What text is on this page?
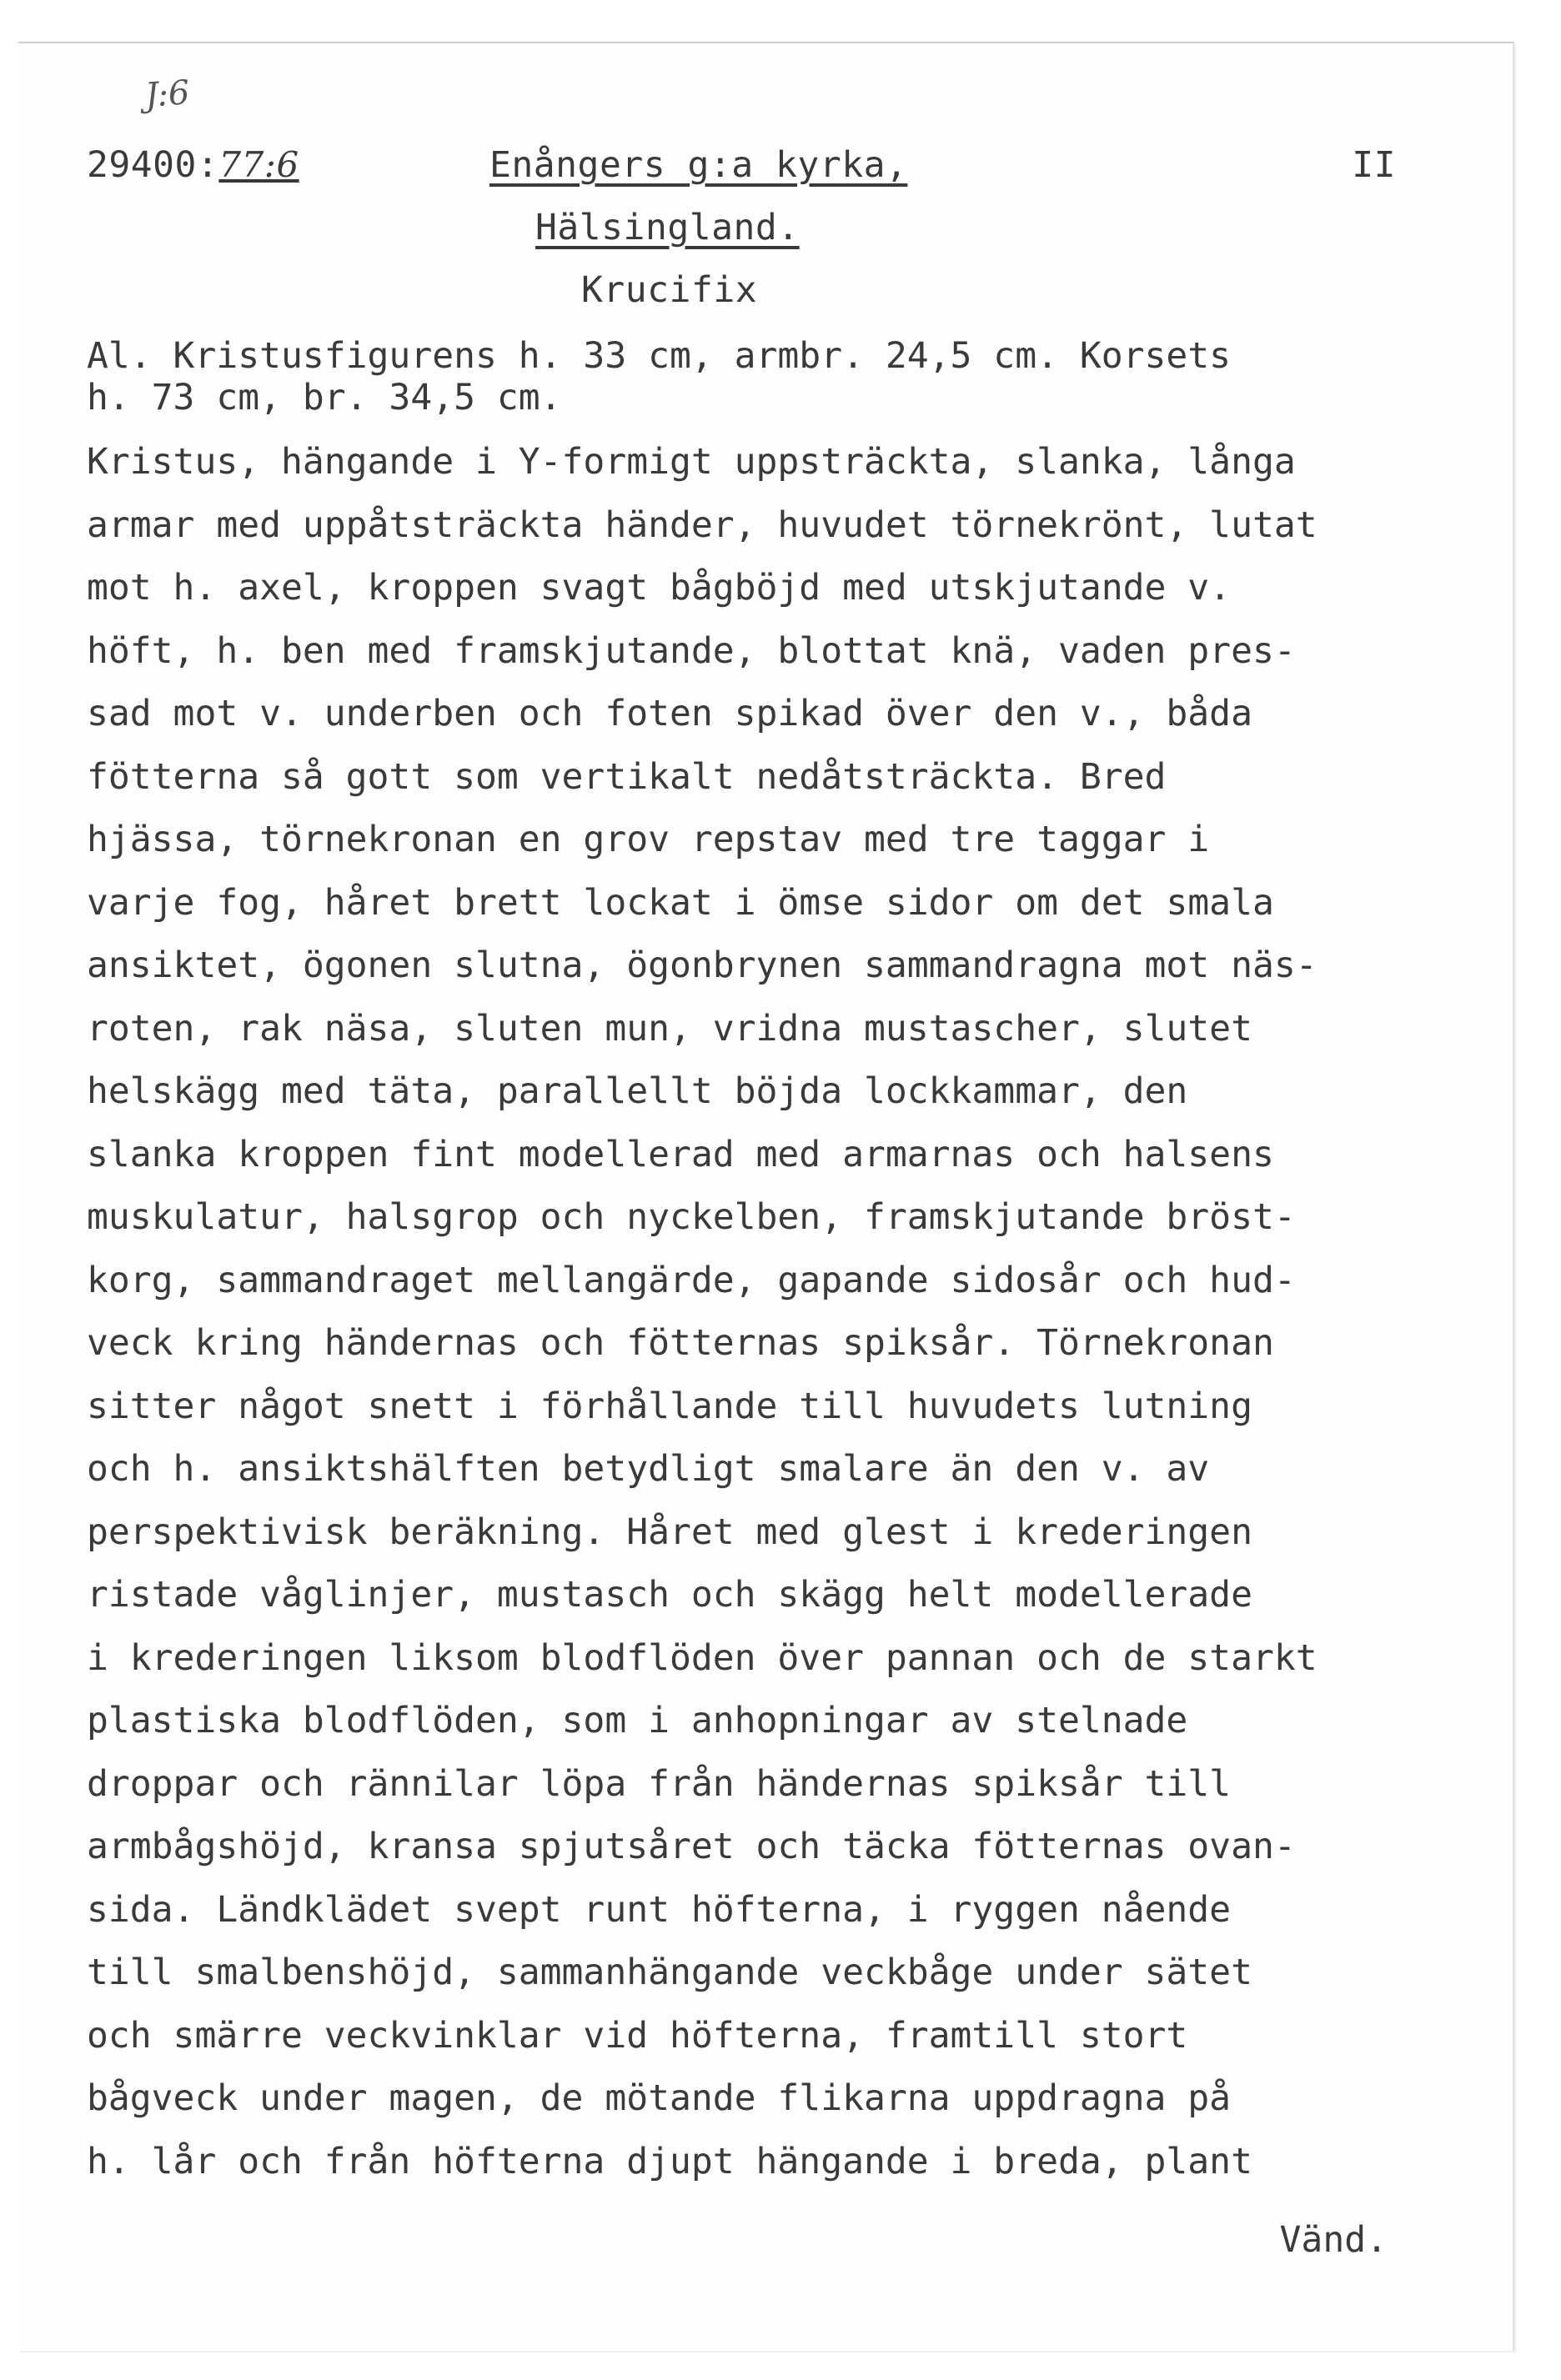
J:6
29400:77:6	Enångers g:a kyrka,	II
Hälsingland.
Krucifix
Al. Kristusfigurens h. 33 cm, armbr. 24,5 cm. Korsets
h. 73 cm, br. 34,5 cm.
Kristus, hängande i Y-formigt uppsträckta, slanka, långa
armar med uppåtsträckta händer, huvudet törnekrönt, lutat
mot h. axel, kroppen svagt bågböjd med utskjutande v.
höft, h. ben med framskjutande, blottat knä, vaden pres-
sad mot v. underben och foten spikad över den v., båda
fötterna så gott som vertikalt nedåtsträckta. Bred
hjässa, törnekronan en grov repstav med tre taggar i
varje fog, håret brett lockat i ömse sidor om det smala
ansiktet, ögonen slutna, ögonbrynen sammandragna mot näs-
roten, rak näsa, sluten mun, vridna mustascher, slutet
helskägg med täta, parallellt böjda lockkammar, den
slanka kroppen fint modellerad med armarnas och halsens
muskulatur, halsgrop och nyckelben, framskjutande bröst-
korg, sammandraget mellangärde, gapande sidosår och hud-
veck kring händernas och fötternas spiksår. Törnekronan
sitter något snett i förhållande till huvudets lutning
och h. ansiktshälften betydligt smalare än den v. av
perspektivisk beräkning. Håret med glest i krederingen
ristade våglinjer, mustasch och skägg helt modellerade
i krederingen liksom blodflöden över pannan och de starkt
plastiska blodflöden, som i anhopningar av stelnade
droppar och rännilar löpa från händernas spiksår till
armbågshöjd, kransa spjutsåret och täcka fötternas ovan-
sida. Ländklädet svept runt höfterna, i ryggen nående
till smalbenshöjd, sammanhängande veckbåge under sätet
och smärre veckvinklar vid höfterna, framtill stort
bågveck under magen, de mötande flikarna uppdragna på
h. lår och från höfterna djupt hängande i breda, plant
Vänd.
